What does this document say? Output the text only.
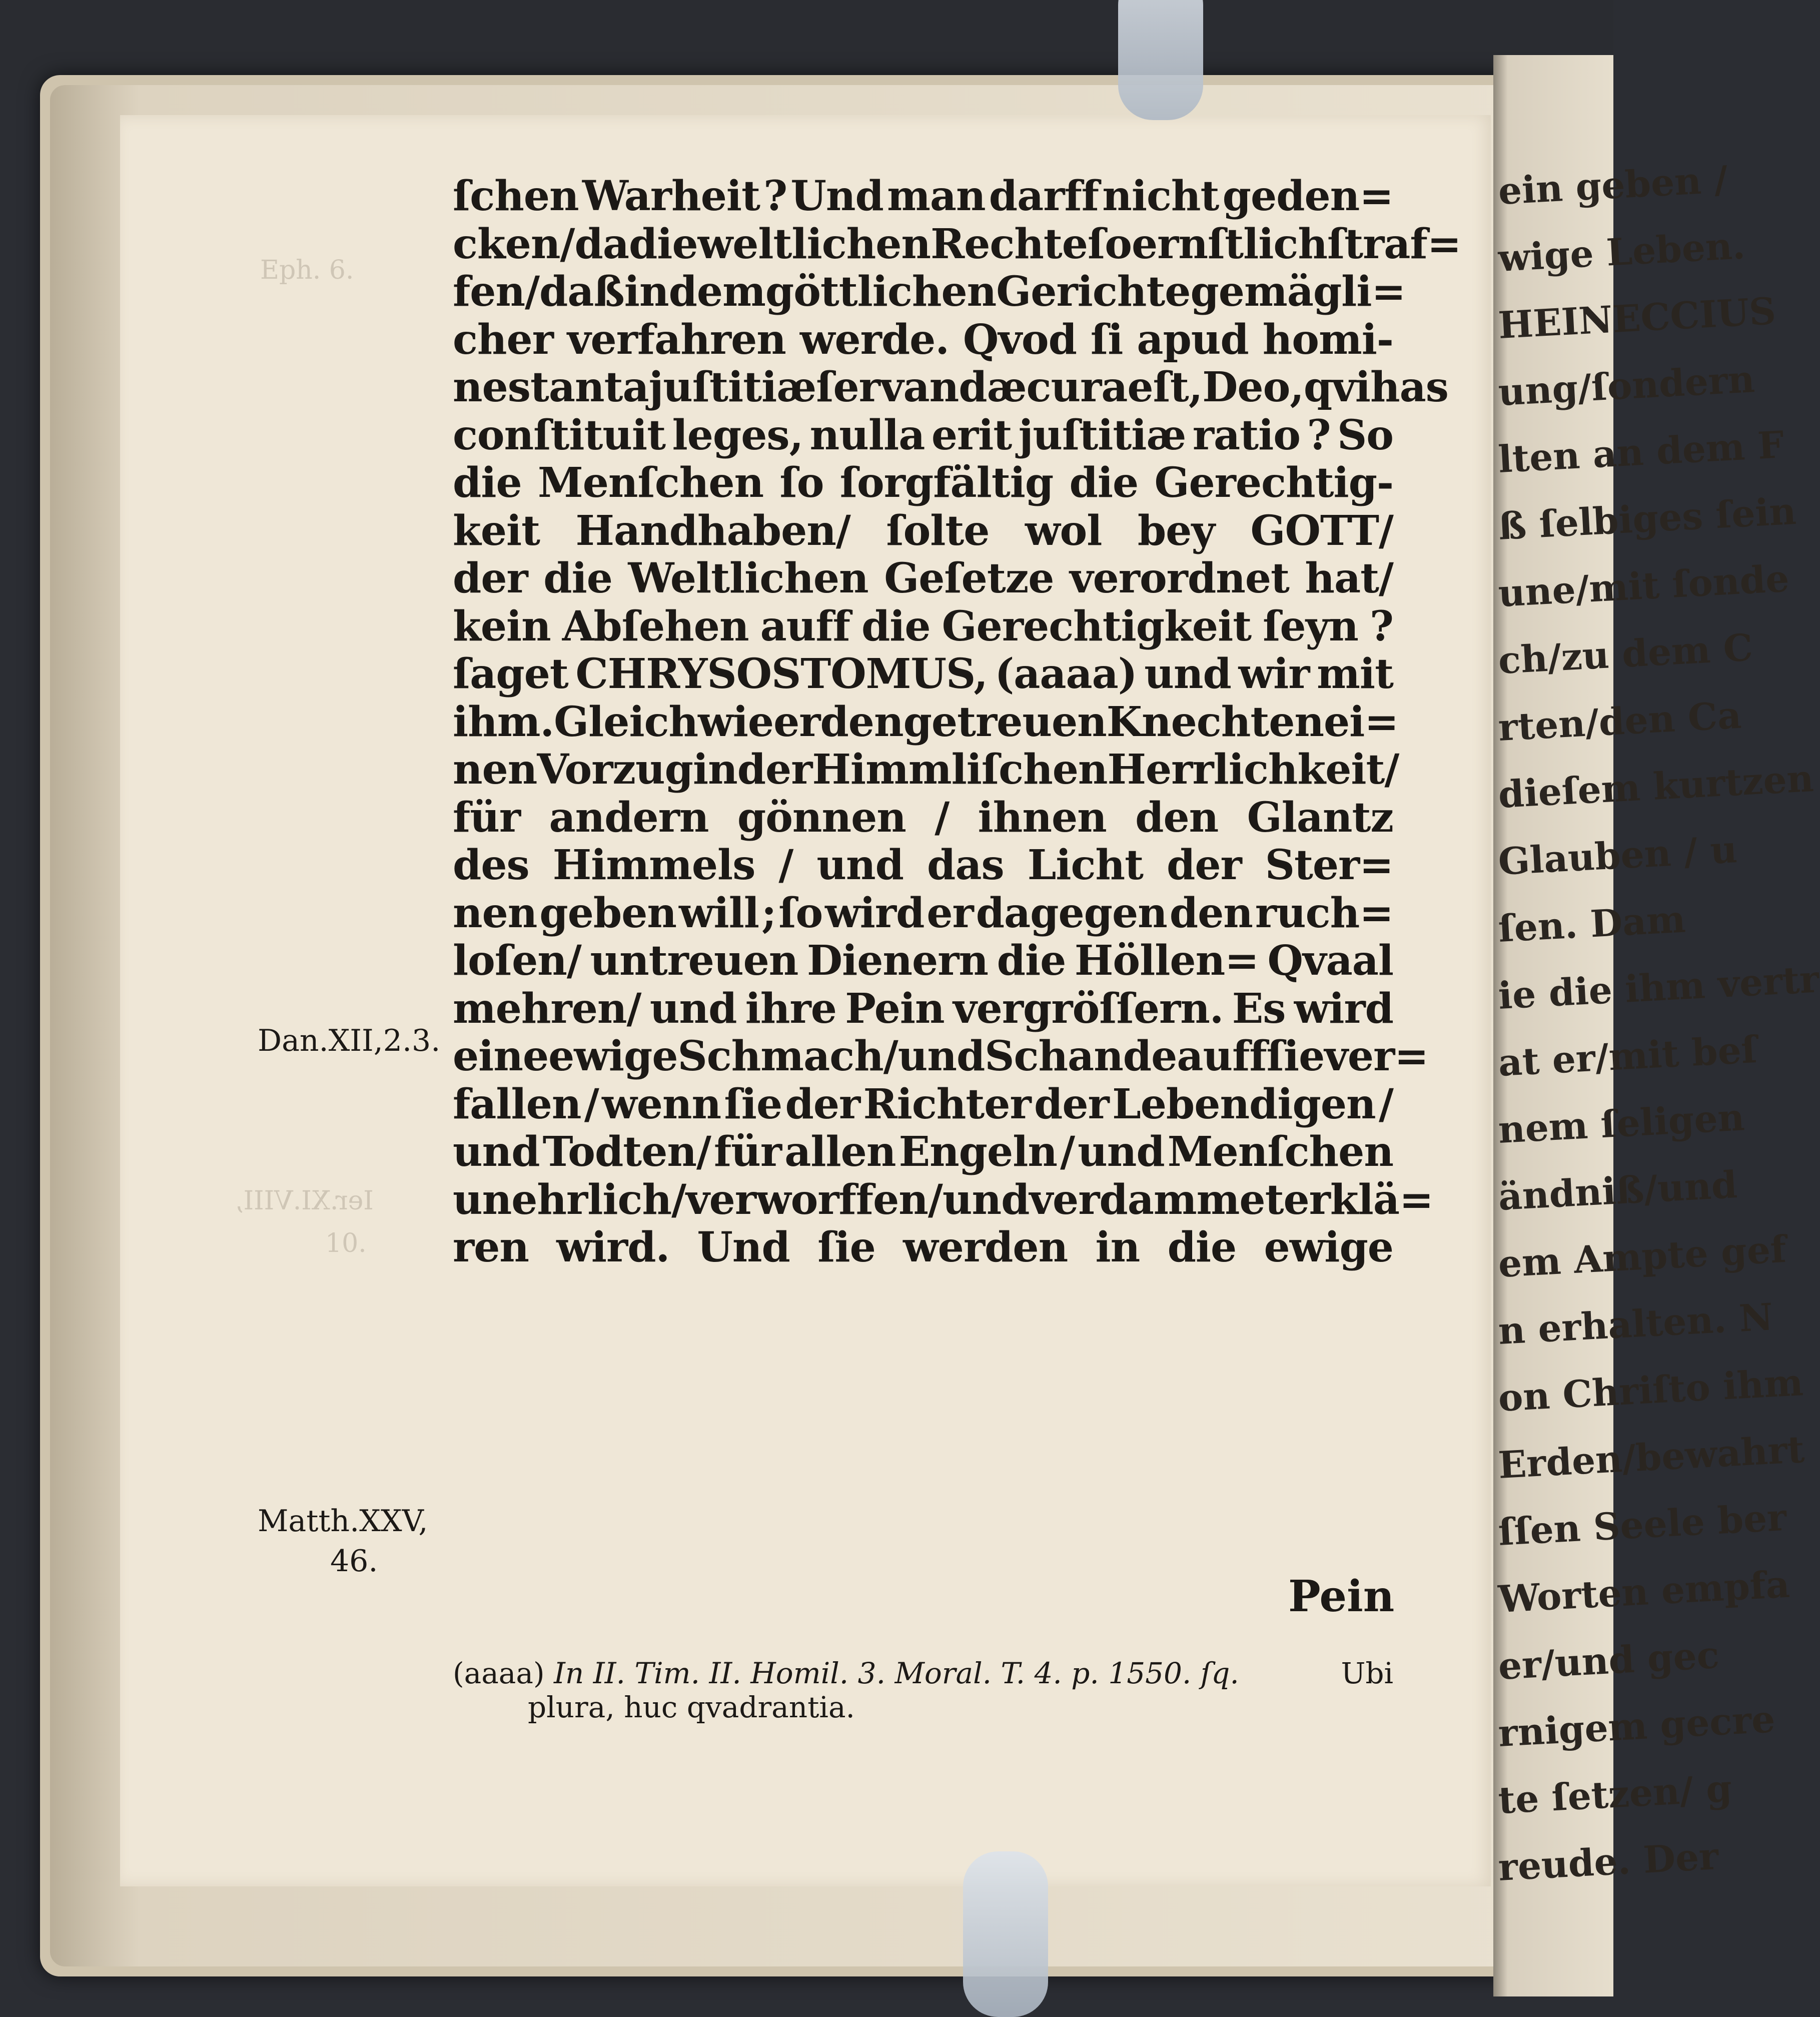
Eph. 6.
Ier.XI.VIII,
10.
ein geben /
wige Leben.
HEINECCIUS
ung/ſondern
lten an dem F
ß ſelbiges ſein
une/mit ſonde
ch/zu dem C
rten/den Ca
dieſem kurtzen
Glauben / u
ſen. Dam
ie die ihm vertr
at er/mit beſ
nem ſeligen
ändniß/und
em Ampte gef
n erhalten. N
on Chriſto ihm
Erden/bewahrt
ſſen Seele ber
Worten empfa
er/und gec
rnigem gecre
te ſetzen/ g
reude. Der
ſchen Warheit ? Und man darff nicht geden=
cken/ da die weltlichen Rechte ſo ernſtlich ſtraf=
fen/ daß in dem göttlichen Gerichte gemägli=
cher verfahren werde. Qvod ſi apud homi-
nes tanta juſtitiæ ſervandæ cura eſt, Deo, qvi has
conſtituit leges, nulla erit juſtitiæ ratio ? So
die Menſchen ſo ſorgfältig die Gerechtig-
keit Handhaben/ ſolte wol bey GOTT/
der die Weltlichen Geſetze verordnet hat/
kein Abſehen auff die Gerechtigkeit ſeyn ?
ſaget CHRYSOSTOMUS, (aaaa) und wir mit
ihm. Gleich wie er den getreuen Knechten ei=
nen Vorzug in der Himmliſchen Herrlichkeit/
für andern gönnen / ihnen den Glantz
des Himmels / und das Licht der Ster=
nen geben will ; ſo wird er dagegen den ruch=
loſen/ untreuen Dienern die Höllen= Qvaal
mehren/ und ihre Pein vergröſſern. Es wird
eine ewige Schmach/ und Schande auff ſie ver=
fallen / wenn ſie der Richter der Lebendigen /
und Todten/ für allen Engeln / und Menſchen
unehrlich / verworffen / und verdammet erklä=
ren wird. Und ſie werden in die ewige
Dan.XII,2.3.
Matth.XXV,
46.
Pein
(aaaa) In II. Tim. II. Homil. 3. Moral. T. 4. p. 1550. ſq.	Ubi
plura, huc qvadrantia.
